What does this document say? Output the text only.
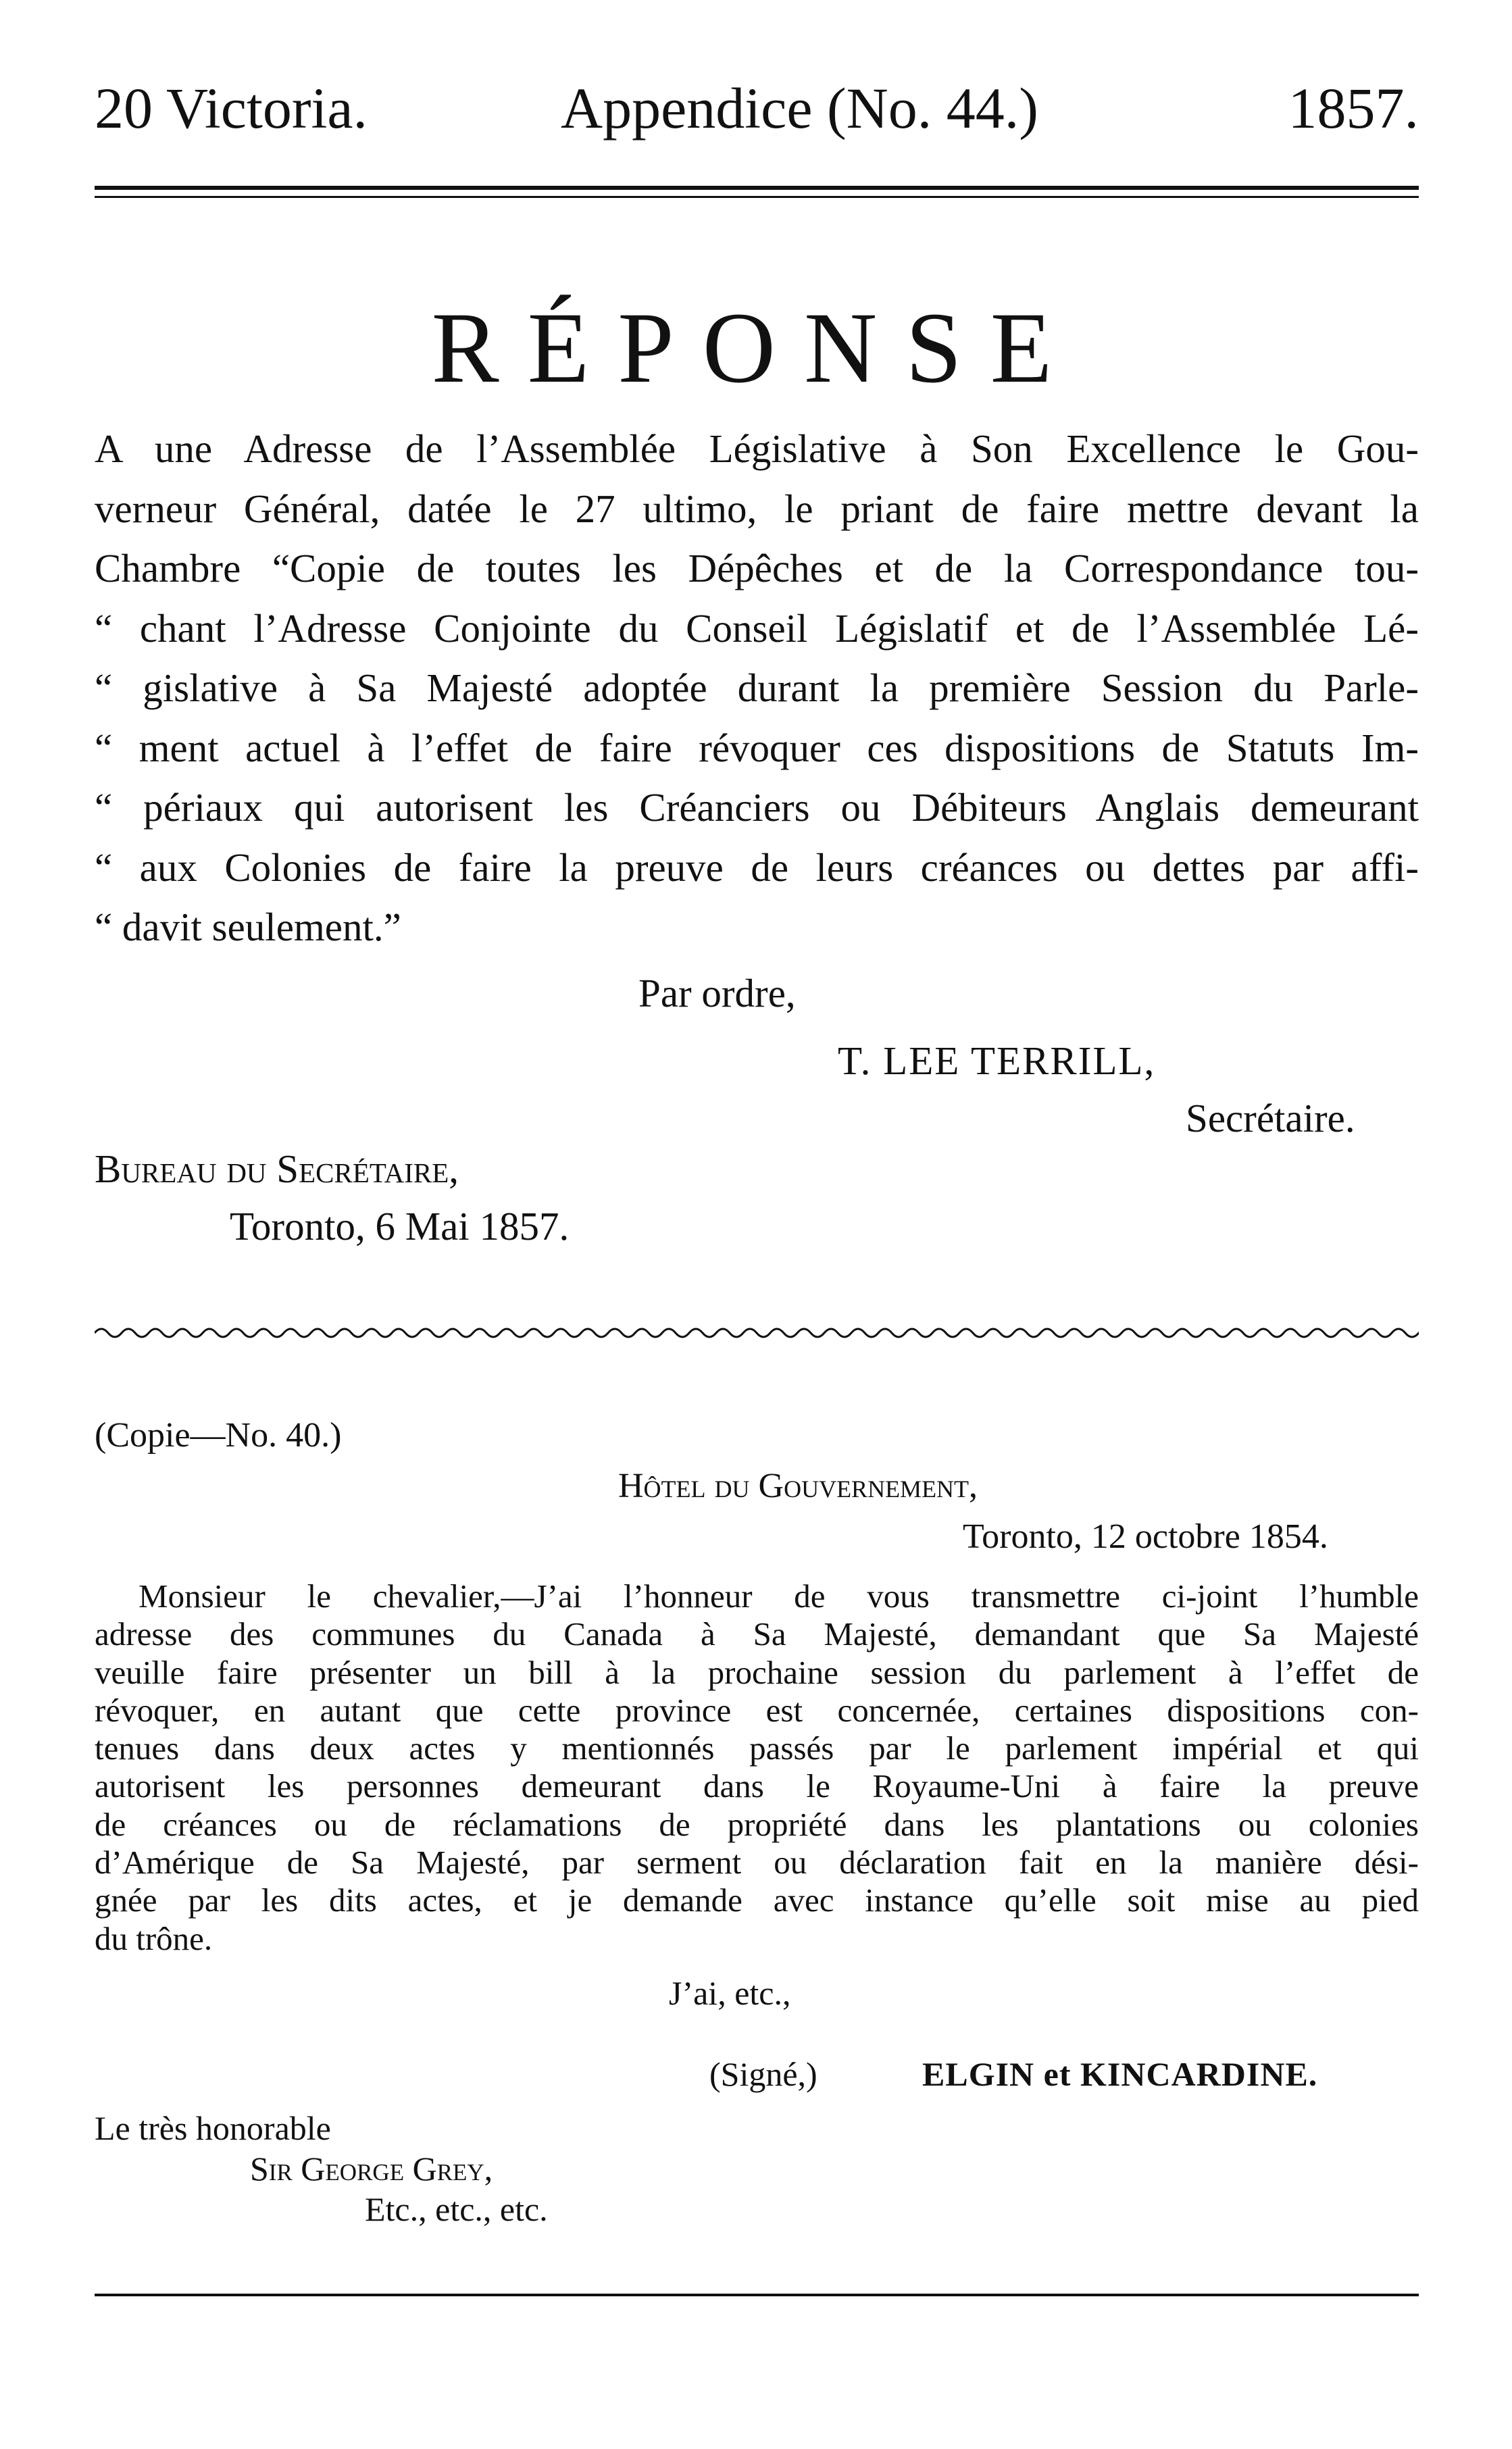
20 Victoria.	Appendice (No. 44.)	1857.
RÉPONSE
A une Adresse de l’Assemblée Législative à Son Excellence le Gou-
verneur Général, datée le 27 ultimo, le priant de faire mettre devant la
Chambre “Copie de toutes les Dépêches et de la Correspondance tou-
“ chant l’Adresse Conjointe du Conseil Législatif et de l’Assemblée Lé-
“ gislative à Sa Majesté adoptée durant la première Session du Parle-
“ ment actuel à l’effet de faire révoquer ces dispositions de Statuts Im-
“ périaux qui autorisent les Créanciers ou Débiteurs Anglais demeurant
“ aux Colonies de faire la preuve de leurs créances ou dettes par affi-
“ davit seulement.”
Par ordre,
T. LEE TERRILL,
Secrétaire.
Bureau du Secrétaire,
Toronto, 6 Mai 1857.
(Copie—No. 40.)
Hôtel du Gouvernement,
Toronto, 12 octobre 1854.
Monsieur le chevalier,—J’ai l’honneur de vous transmettre ci-joint l’humble
adresse des communes du Canada à Sa Majesté, demandant que Sa Majesté
veuille faire présenter un bill à la prochaine session du parlement à l’effet de
révoquer, en autant que cette province est concernée, certaines dispositions con-
tenues dans deux actes y mentionnés passés par le parlement impérial et qui
autorisent les personnes demeurant dans le Royaume-Uni à faire la preuve
de créances ou de réclamations de propriété dans les plantations ou colonies
d’Amérique de Sa Majesté, par serment ou déclaration fait en la manière dési-
gnée par les dits actes, et je demande avec instance qu’elle soit mise au pied
du trône.
J’ai, etc.,
(Signé,)	ELGIN et KINCARDINE.
Le très honorable
Sir George Grey,
Etc., etc., etc.
